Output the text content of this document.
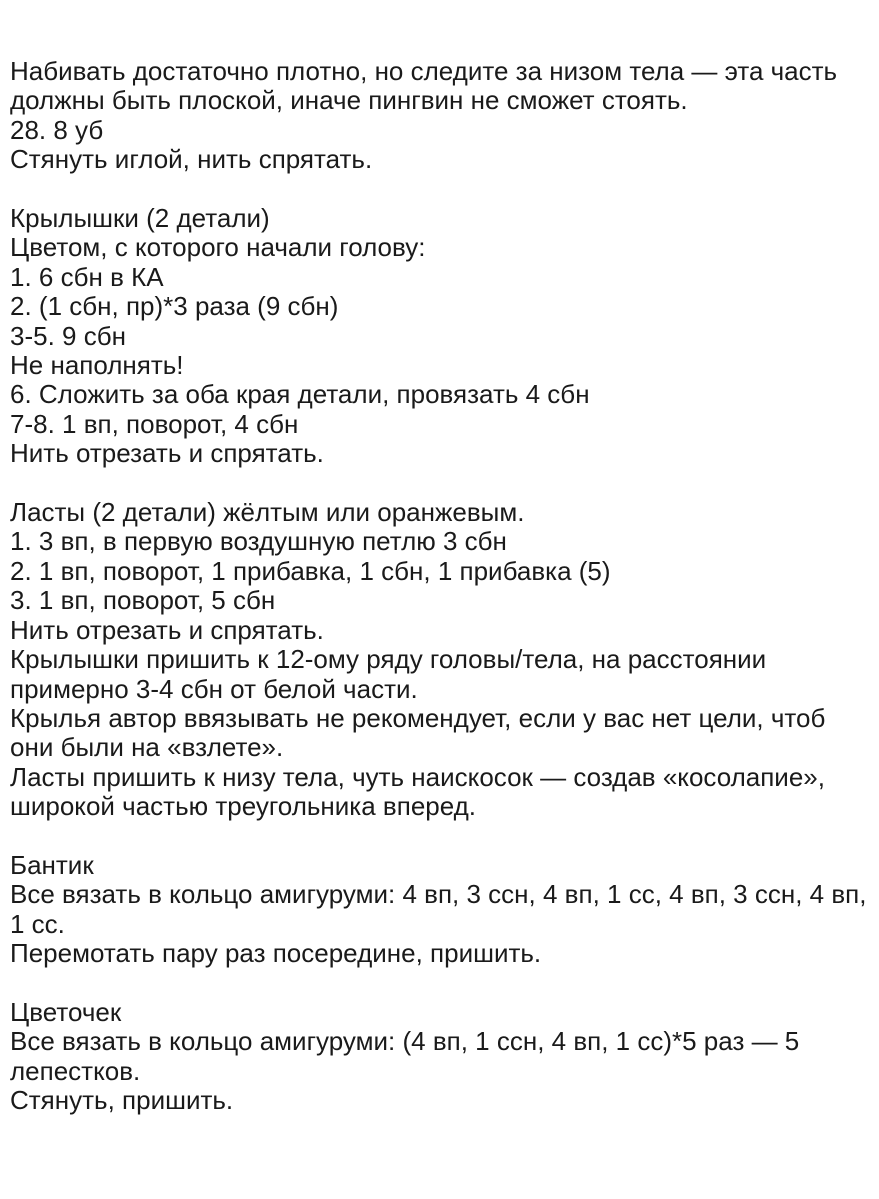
Набивать достаточно плотно, но следите за низом тела — эта часть
должны быть плоской, иначе пингвин не сможет стоять.
28. 8 уб
Стянуть иглой, нить спрятать.
Крылышки (2 детали)
Цветом, с которого начали голову:
1. 6 сбн в КА
2. (1 сбн, пр)*3 раза (9 сбн)
3-5. 9 сбн
Не наполнять!
6. Сложить за оба края детали, провязать 4 сбн
7-8. 1 вп, поворот, 4 сбн
Нить отрезать и спрятать.
Ласты (2 детали) жёлтым или оранжевым.
1. 3 вп, в первую воздушную петлю 3 сбн
2. 1 вп, поворот, 1 прибавка, 1 сбн, 1 прибавка (5)
3. 1 вп, поворот, 5 сбн
Нить отрезать и спрятать.
Крылышки пришить к 12-ому ряду головы/тела, на расстоянии
примерно 3-4 сбн от белой части.
Крылья автор ввязывать не рекомендует, если у вас нет цели, чтоб
они были на «взлете».
Ласты пришить к низу тела, чуть наискосок — создав «косолапие»,
широкой частью треугольника вперед.
Бантик
Все вязать в кольцо амигуруми: 4 вп, 3 ссн, 4 вп, 1 сс, 4 вп, 3 ссн, 4 вп,
1 сс.
Перемотать пару раз посередине, пришить.
Цветочек
Все вязать в кольцо амигуруми: (4 вп, 1 ссн, 4 вп, 1 сс)*5 раз — 5
лепестков.
Стянуть, пришить.
